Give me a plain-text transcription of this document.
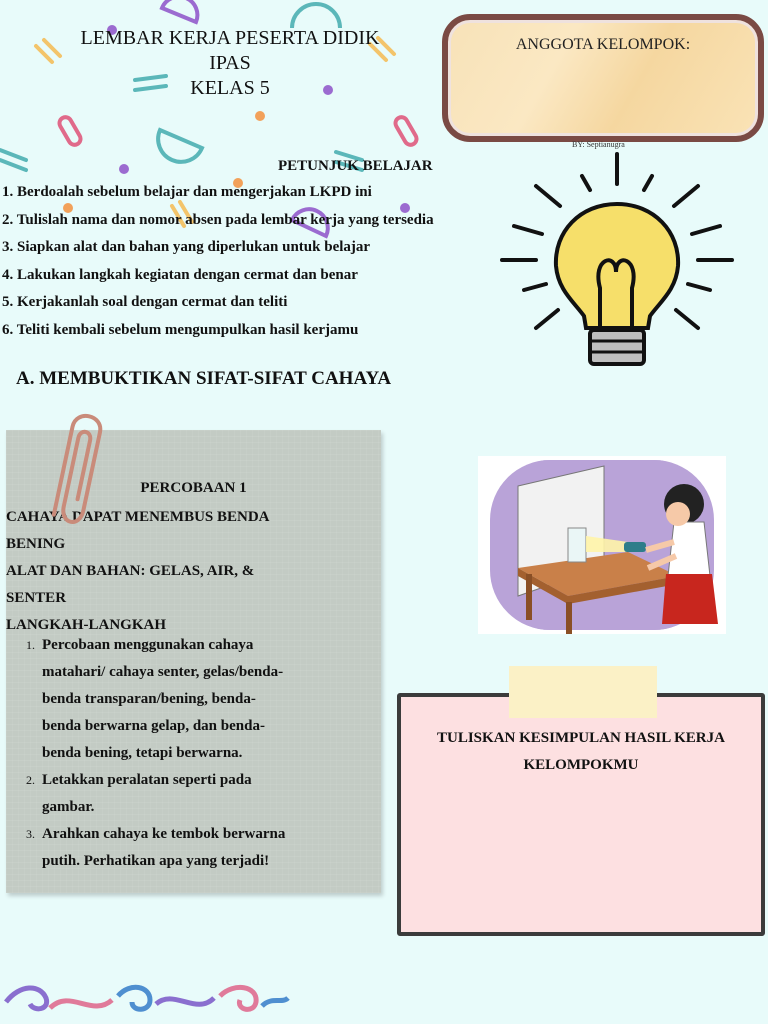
LEMBAR KERJA PESERTA DIDIK
IPAS
KELAS 5
ANGGOTA KELOMPOK:
BY: Septianugra
PETUNJUK BELAJAR
1. Berdoalah sebelum belajar dan mengerjakan LKPD ini
2. Tulislah nama dan nomor absen pada lembar kerja yang tersedia
3. Siapkan alat dan bahan yang diperlukan untuk belajar
4. Lakukan langkah kegiatan dengan cermat dan benar
5. Kerjakanlah soal dengan cermat dan teliti
6. Teliti kembali sebelum mengumpulkan hasil kerjamu
A. MEMBUKTIKAN SIFAT-SIFAT CAHAYA
PERCOBAAN 1
CAHAYA DAPAT MENEMBUS BENDA
BENING
ALAT DAN BAHAN: GELAS, AIR, &
SENTER
LANGKAH-LANGKAH
1. Percobaan menggunakan cahaya
matahari/ cahaya senter, gelas/benda-
benda transparan/bening, benda-
benda berwarna gelap, dan benda-
benda bening, tetapi berwarna.
2. Letakkan peralatan seperti pada
gambar.
3. Arahkan cahaya ke tembok berwarna
putih. Perhatikan apa yang terjadi!
TULISKAN KESIMPULAN HASIL KERJA
KELOMPOKMU
